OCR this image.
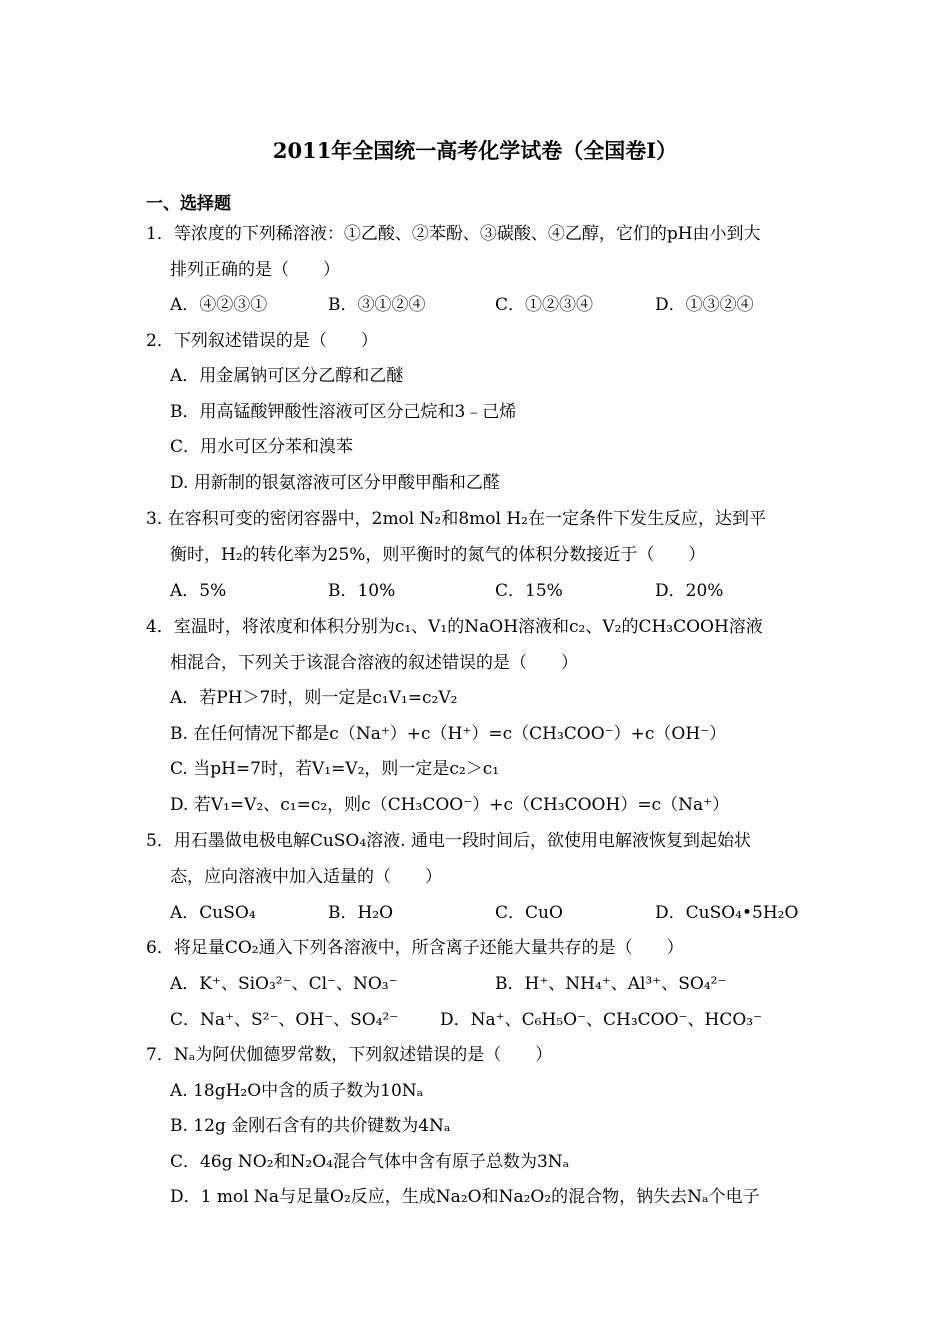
2011年全国统一高考化学试卷（全国卷Ⅰ）
一、选择题
1．等浓度的下列稀溶液：①乙酸、②苯酚、③碳酸、④乙醇，它们的pH由小到大
排列正确的是（　　）
A．④②③①	B．③①②④	C．①②③④	D．①③②④
2．下列叙述错误的是（　　）
A．用金属钠可区分乙醇和乙醚
B．用高锰酸钾酸性溶液可区分己烷和3﹣己烯
C．用水可区分苯和溴苯
D. 用新制的银氨溶液可区分甲酸甲酯和乙醛
3. 在容积可变的密闭容器中，2mol N₂和8mol H₂在一定条件下发生反应，达到平
衡时，H₂的转化率为25%，则平衡时的氮气的体积分数接近于（　　）
A．5%	B．10%	C．15%	D．20%
4．室温时，将浓度和体积分别为c₁、V₁的NaOH溶液和c₂、V₂的CH₃COOH溶液
相混合，下列关于该混合溶液的叙述错误的是（　　）
A．若PH＞7时，则一定是c₁V₁=c₂V₂
B. 在任何情况下都是c（Na⁺）+c（H⁺）=c（CH₃COO⁻）+c（OH⁻）
C. 当pH=7时，若V₁=V₂，则一定是c₂＞c₁
D. 若V₁=V₂、c₁=c₂，则c（CH₃COO⁻）+c（CH₃COOH）=c（Na⁺）
5．用石墨做电极电解CuSO₄溶液. 通电一段时间后，欲使用电解液恢复到起始状
态，应向溶液中加入适量的（　　）
A．CuSO₄	B．H₂O	C．CuO	D．CuSO₄•5H₂O
6．将足量CO₂通入下列各溶液中，所含离子还能大量共存的是（　　）
A．K⁺、SiO₃²⁻、Cl⁻、NO₃⁻	B．H⁺、NH₄⁺、Al³⁺、SO₄²⁻
C．Na⁺、S²⁻、OH⁻、SO₄²⁻ D．Na⁺、C₆H₅O⁻、CH₃COO⁻、HCO₃⁻
7．Nₐ为阿伏伽德罗常数，下列叙述错误的是（　　）
A. 18gH₂O中含的质子数为10Nₐ
B. 12g 金刚石含有的共价键数为4Nₐ
C．46g NO₂和N₂O₄混合气体中含有原子总数为3Nₐ
D．1 mol Na与足量O₂反应，生成Na₂O和Na₂O₂的混合物，钠失去Nₐ个电子
